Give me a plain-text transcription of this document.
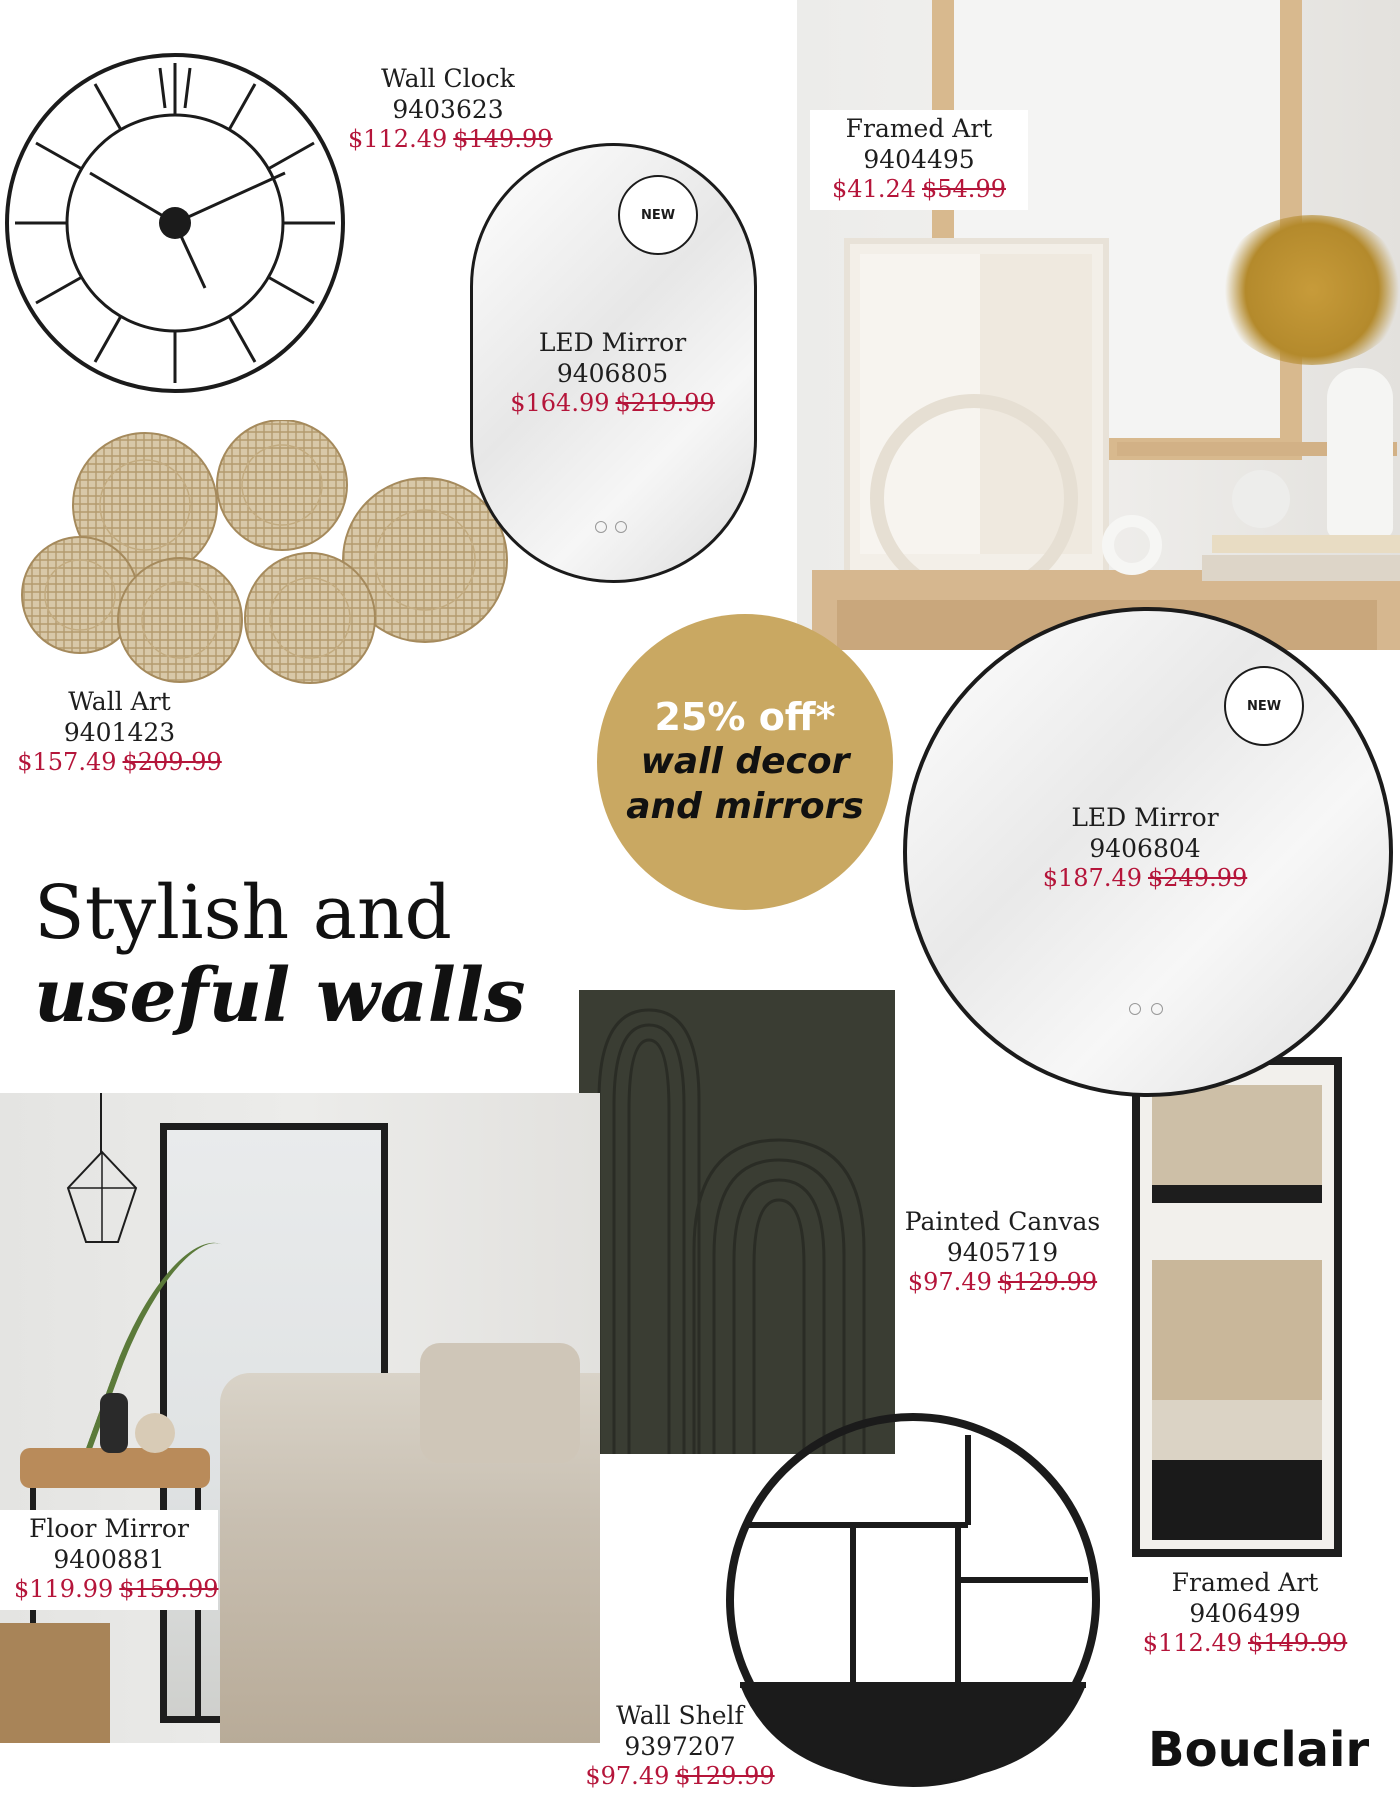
Wall Clock
9403623
$112.49 $149.99
NEW
LED Mirror
9406805
$164.99 $219.99
Framed Art
9404495
$41.24 $54.99
Wall Art
9401423
$157.49 $209.99
25% off*
wall decor
and mirrors
NEW
LED Mirror
9406804
$187.49 $249.99
Stylish and
useful walls
Painted Canvas
9405719
$97.49 $129.99
Framed Art
9406499
$112.49 $149.99
Floor Mirror
9400881
$119.99 $159.99
Wall Shelf
9397207
$97.49 $129.99	Bouclair
